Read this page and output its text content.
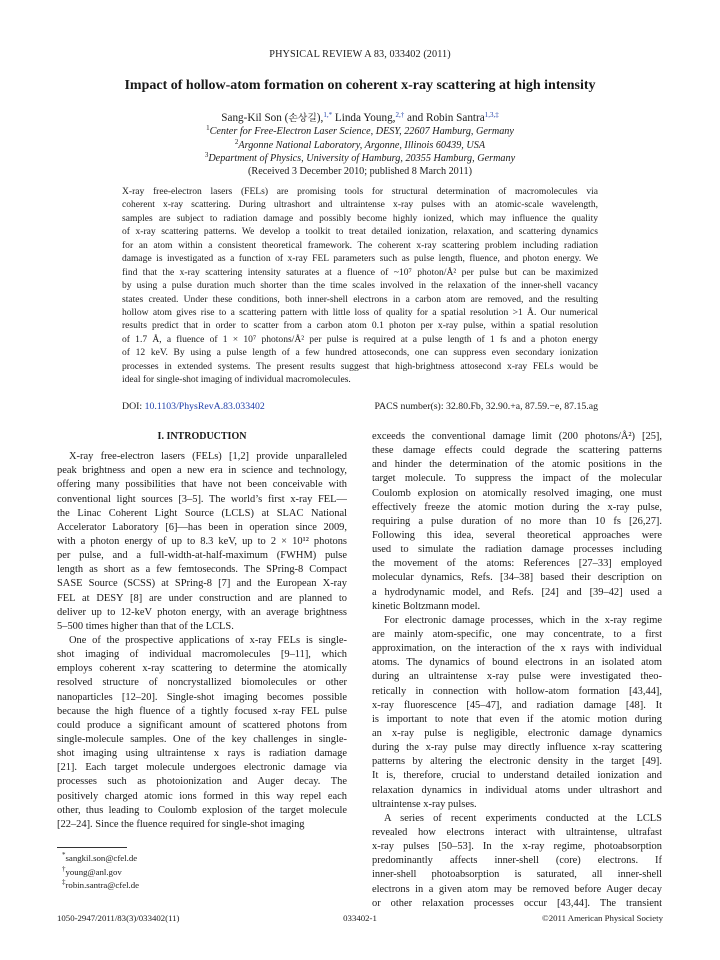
PHYSICAL REVIEW A 83, 033402 (2011)
Impact of hollow-atom formation on coherent x-ray scattering at high intensity
Sang-Kil Son (손상길),$^{1,*}$ Linda Young,$^{2,\dagger}$ and Robin Santra$^{1,3,\ddagger}$
$^1$Center for Free-Electron Laser Science, DESY, 22607 Hamburg, Germany
$^2$Argonne National Laboratory, Argonne, Illinois 60439, USA
$^3$Department of Physics, University of Hamburg, 20355 Hamburg, Germany
(Received 3 December 2010; published 8 March 2011)
X-ray free-electron lasers (FELs) are promising tools for structural determination of macromolecules via
coherent x-ray scattering. During ultrashort and ultraintense x-ray pulses with an atomic-scale wavelength,
samples are subject to radiation damage and possibly become highly ionized, which may influence the quality
of x-ray scattering patterns. We develop a toolkit to treat detailed ionization, relaxation, and scattering dynamics
for an atom within a consistent theoretical framework. The coherent x-ray scattering problem including radiation
damage is investigated as a function of x-ray FEL parameters such as pulse length, fluence, and photon energy. We
find that the x-ray scattering intensity saturates at a fluence of ~10⁷ photon/Å² per pulse but can be maximized
by using a pulse duration much shorter than the time scales involved in the relaxation of the inner-shell vacancy
states created. Under these conditions, both inner-shell electrons in a carbon atom are removed, and the resulting
hollow atom gives rise to a scattering pattern with little loss of quality for a spatial resolution >1 Å. Our numerical
results predict that in order to scatter from a carbon atom 0.1 photon per x-ray pulse, within a spatial resolution
of 1.7 Å, a fluence of 1 × 10⁷ photons/Å² per pulse is required at a pulse length of 1 fs and a photon energy
of 12 keV. By using a pulse length of a few hundred attoseconds, one can suppress even secondary ionization
processes in extended systems. The present results suggest that high-brightness attosecond x-ray FELs would be
ideal for single-shot imaging of individual macromolecules.
DOI: 10.1103/PhysRevA.83.033402	PACS number(s): 32.80.Fb, 32.90.+a, 87.59.−e, 87.15.ag
I. INTRODUCTION
X-ray free-electron lasers (FELs) [1,2] provide unparalleled
peak brightness and open a new era in science and technology,
offering many possibilities that have not been conceivable with
conventional light sources [3–5]. The world’s first x-ray FEL—
the Linac Coherent Light Source (LCLS) at SLAC National
Accelerator Laboratory [6]—has been in operation since 2009,
with a photon energy of up to 8.3 keV, up to 2 × 10¹² photons
per pulse, and a full-width-at-half-maximum (FWHM) pulse
length as short as a few femtoseconds. The SPring-8 Compact
SASE Source (SCSS) at SPring-8 [7] and the European X-ray
FEL at DESY [8] are under construction and are planned to
deliver up to 12-keV photon energy, with an average brightness
5–500 times higher than that of the LCLS.
One of the prospective applications of x-ray FELs is single-
shot imaging of individual macromolecules [9–11], which
employs coherent x-ray scattering to determine the atomically
resolved structure of noncrystallized biomolecules or other
nanoparticles [12–20]. Single-shot imaging becomes possible
because the high fluence of a tightly focused x-ray FEL pulse
could produce a significant amount of scattered photons from
single-molecule samples. One of the key challenges in single-
shot imaging using ultraintense x rays is radiation damage
[21]. Each target molecule undergoes electronic damage via
processes such as photoionization and Auger decay. The
positively charged atomic ions formed in this way repel each
other, thus leading to Coulomb explosion of the target molecule
[22–24]. Since the fluence required for single-shot imaging
exceeds the conventional damage limit (200 photons/Å²) [25],
these damage effects could degrade the scattering patterns
and hinder the determination of the atomic positions in the
target molecule. To suppress the impact of the molecular
Coulomb explosion on atomically resolved imaging, one must
effectively freeze the atomic motion during the x-ray pulse,
requiring a pulse duration of no more than 10 fs [26,27].
Following this idea, several theoretical approaches were
used to simulate the radiation damage processes including
the movement of the atoms: References [27–33] employed
molecular dynamics, Refs. [34–38] based their description on
a hydrodynamic model, and Refs. [24] and [39–42] used a
kinetic Boltzmann model.
For electronic damage processes, which in the x-ray regime
are mainly atom-specific, one may concentrate, to a first
approximation, on the interaction of the x rays with individual
atoms. The dynamics of bound electrons in an isolated atom
during an ultraintense x-ray pulse were investigated theo-
retically in connection with hollow-atom formation [43,44],
x-ray fluorescence [45–47], and radiation damage [48]. It
is important to note that even if the atomic motion during
an x-ray pulse is negligible, electronic damage dynamics
during the x-ray pulse may directly influence x-ray scattering
patterns by altering the electronic density in the target [49].
It is, therefore, crucial to understand detailed ionization and
relaxation dynamics in individual atoms under ultrashort and
ultraintense x-ray pulses.
A series of recent experiments conducted at the LCLS
revealed how electrons interact with ultraintense, ultrafast
x-ray pulses [50–53]. In the x-ray regime, photoabsorption
predominantly affects inner-shell (core) electrons. If
inner-shell photoabsorption is saturated, all inner-shell
electrons in a given atom may be removed before Auger decay
or other relaxation processes occur [43,44]. The transient
*sangkil.son@cfel.de
†young@anl.gov
‡robin.santra@cfel.de
1050-2947/2011/83(3)/033402(11)	033402-1	©2011 American Physical Society
